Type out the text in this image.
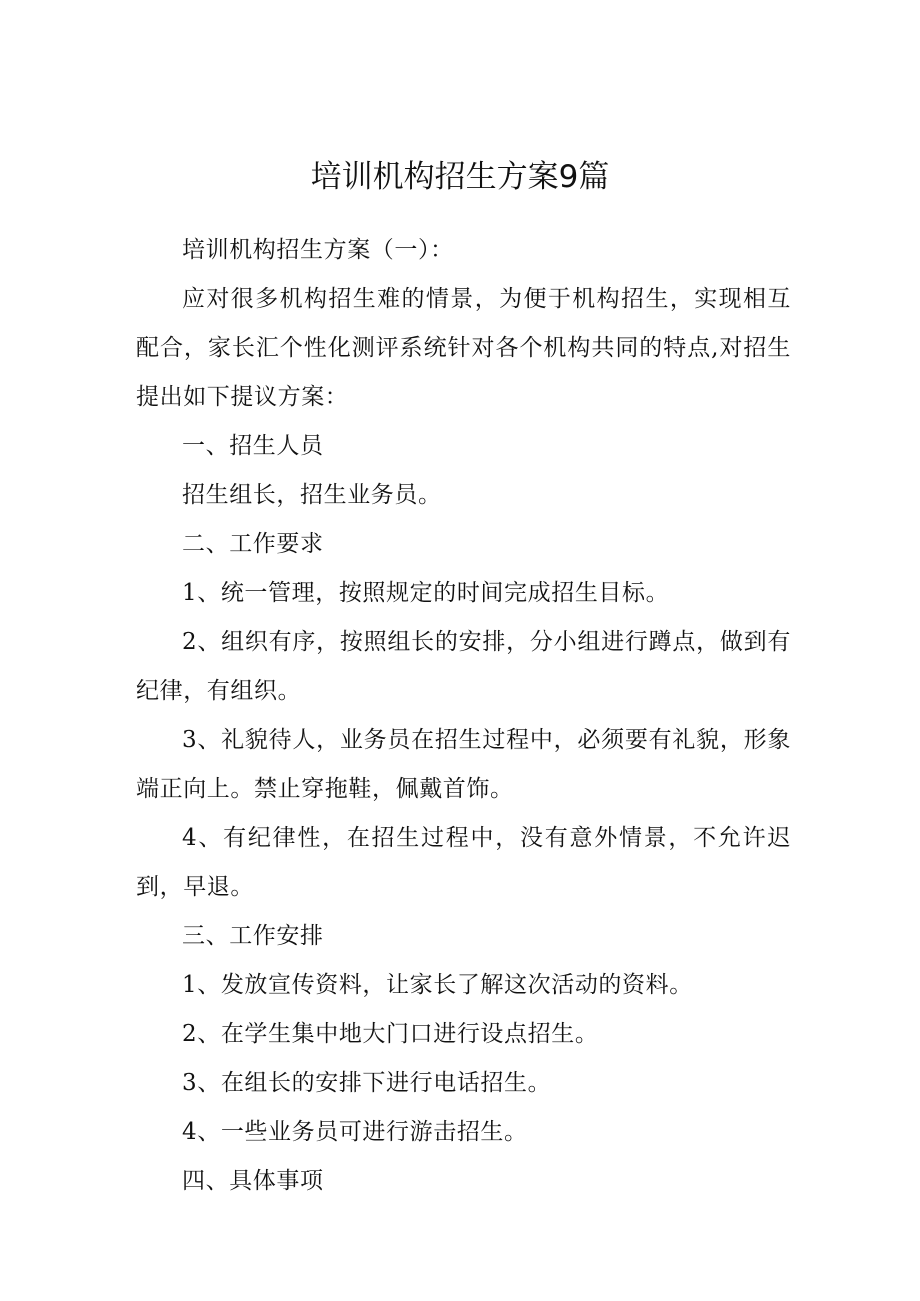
培训机构招生方案9篇

培训机构招生方案（一）：

应对很多机构招生难的情景，为便于机构招生，实现相互配合，家长汇个性化测评系统针对各个机构共同的特点,对招生提出如下提议方案：

一、招生人员

招生组长，招生业务员。

二、工作要求

1、统一管理，按照规定的时间完成招生目标。

2、组织有序，按照组长的安排，分小组进行蹲点，做到有纪律，有组织。

3、礼貌待人，业务员在招生过程中，必须要有礼貌，形象端正向上。禁止穿拖鞋，佩戴首饰。

4、有纪律性，在招生过程中，没有意外情景，不允许迟到，早退。

三、工作安排

1、发放宣传资料，让家长了解这次活动的资料。

2、在学生集中地大门口进行设点招生。

3、在组长的安排下进行电话招生。

4、一些业务员可进行游击招生。

四、具体事项
